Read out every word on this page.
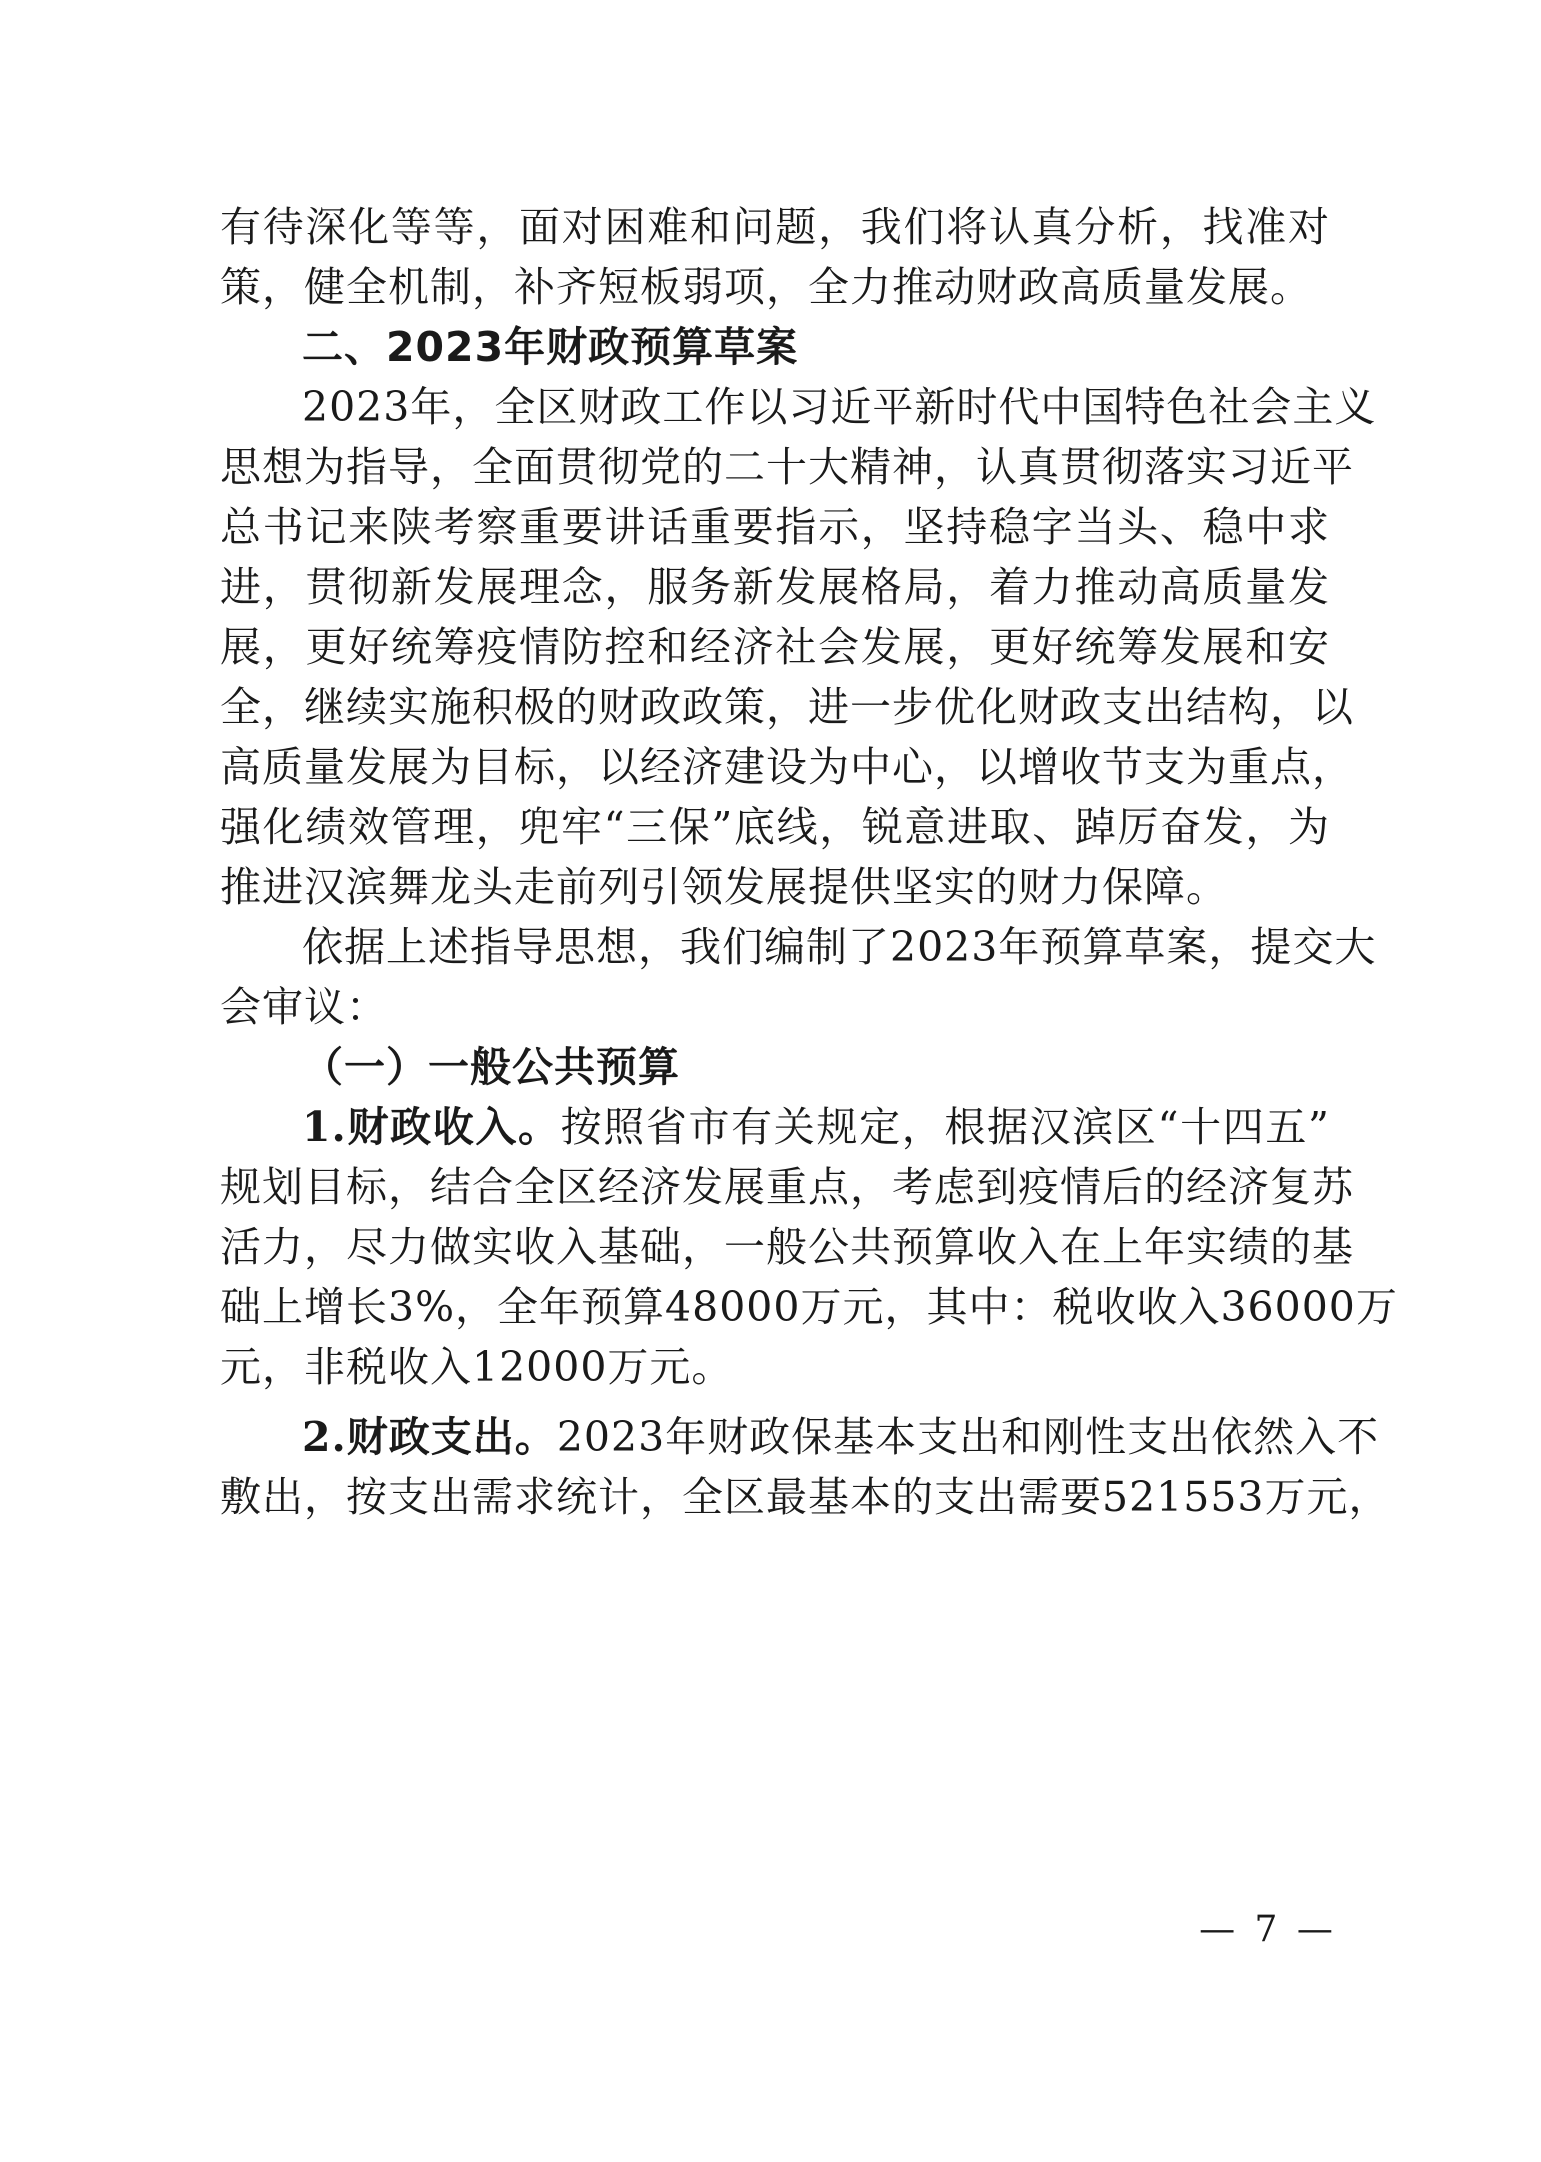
有待深化等等，面对困难和问题，我们将认真分析，找准对
策，健全机制，补齐短板弱项，全力推动财政高质量发展。
二、2023年财政预算草案
2023年，全区财政工作以习近平新时代中国特色社会主义
思想为指导，全面贯彻党的二十大精神，认真贯彻落实习近平
总书记来陕考察重要讲话重要指示，坚持稳字当头、稳中求
进，贯彻新发展理念，服务新发展格局，着力推动高质量发
展，更好统筹疫情防控和经济社会发展，更好统筹发展和安
全，继续实施积极的财政政策，进一步优化财政支出结构，以
高质量发展为目标，以经济建设为中心，以增收节支为重点，
强化绩效管理，兜牢“三保”底线，锐意进取、踔厉奋发，为
推进汉滨舞龙头走前列引领发展提供坚实的财力保障。
依据上述指导思想，我们编制了2023年预算草案，提交大
会审议：
（一）一般公共预算
1.财政收入。按照省市有关规定，根据汉滨区“十四五”
规划目标，结合全区经济发展重点，考虑到疫情后的经济复苏
活力，尽力做实收入基础，一般公共预算收入在上年实绩的基
础上增长3%，全年预算48000万元，其中：税收收入36000万
元，非税收入12000万元。
2.财政支出。2023年财政保基本支出和刚性支出依然入不
敷出，按支出需求统计，全区最基本的支出需要521553万元，
— 7 —
